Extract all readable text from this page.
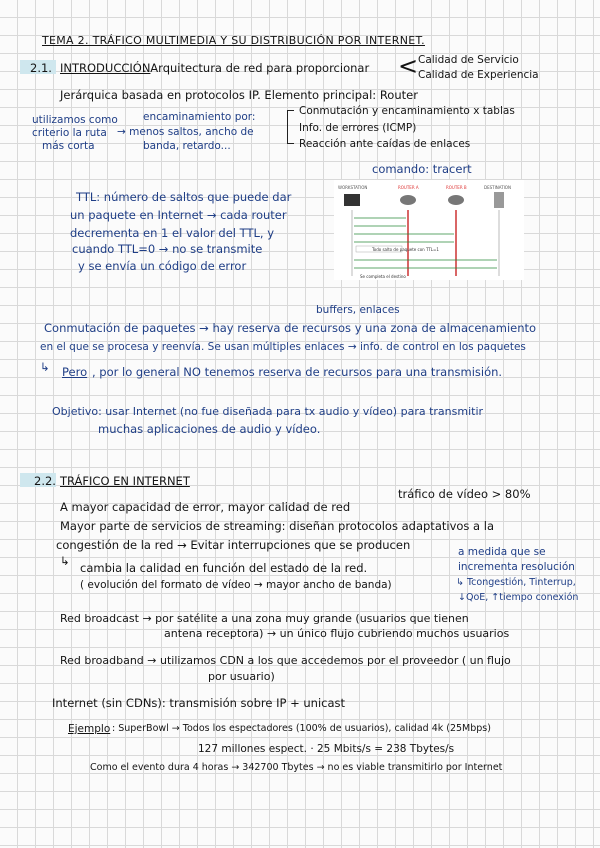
TEMA 2. TRÁFICO MULTIMEDIA Y SU DISTRIBUCIÓN POR INTERNET.
2.1. INTRODUCCIÓN
. Arquitectura de red para proporcionar < Calidad de Servicio
Calidad de Experiencia
Jerárquica basada en protocolos IP. Elemento principal: Router
utilizamos como
criterio la ruta
más corta
encaminamiento por:
→ menos saltos, ancho de
banda, retardo...
Conmutación y encaminamiento x tablas
Info. de errores (ICMP)
Reacción ante caídas de enlaces
comando: tracert
TTL: número de saltos que puede dar
un paquete en Internet → cada router
decrementa en 1 el valor del TTL, y
cuando TTL=0 → no se transmite
y se envía un código de error
WORKSTATION	ROUTER A	ROUTER B	DESTINATION
Todo salto de paquete con TTL=1
Se completa el destino
buffers, enlaces
Conmutación de paquetes → hay reserva de recursos y una zona de almacenamiento
en el que se procesa y reenvía. Se usan múltiples enlaces → info. de control en los paquetes
↳ Pero , por lo general NO tenemos reserva de recursos para una transmisión.
Objetivo: usar Internet (no fue diseñada para tx audio y vídeo) para transmitir
muchas aplicaciones de audio y vídeo.
2.2. TRÁFICO EN INTERNET
tráfico de vídeo > 80%
A mayor capacidad de error, mayor calidad de red
Mayor parte de servicios de streaming: diseñan protocolos adaptativos a la
congestión de la red → Evitar interrupciones que se producen	a medida que se
incrementa resolución
↳ Tcongestión, Tinterrup,
↓QoE, ↑tiempo conexión
↳ cambia la calidad en función del estado de la red.
( evolución del formato de vídeo → mayor ancho de banda)
Red broadcast → por satélite a una zona muy grande (usuarios que tienen
antena receptora) → un único flujo cubriendo muchos usuarios
Red broadband → utilizamos CDN a los que accedemos por el proveedor ( un flujo
por usuario)
Internet (sin CDNs): transmisión sobre IP + unicast
Ejemplo : SuperBowl → Todos los espectadores (100% de usuarios), calidad 4k (25Mbps)
127 millones espect. · 25 Mbits/s = 238 Tbytes/s
Como el evento dura 4 horas → 342700 Tbytes → no es viable transmitirlo por Internet
